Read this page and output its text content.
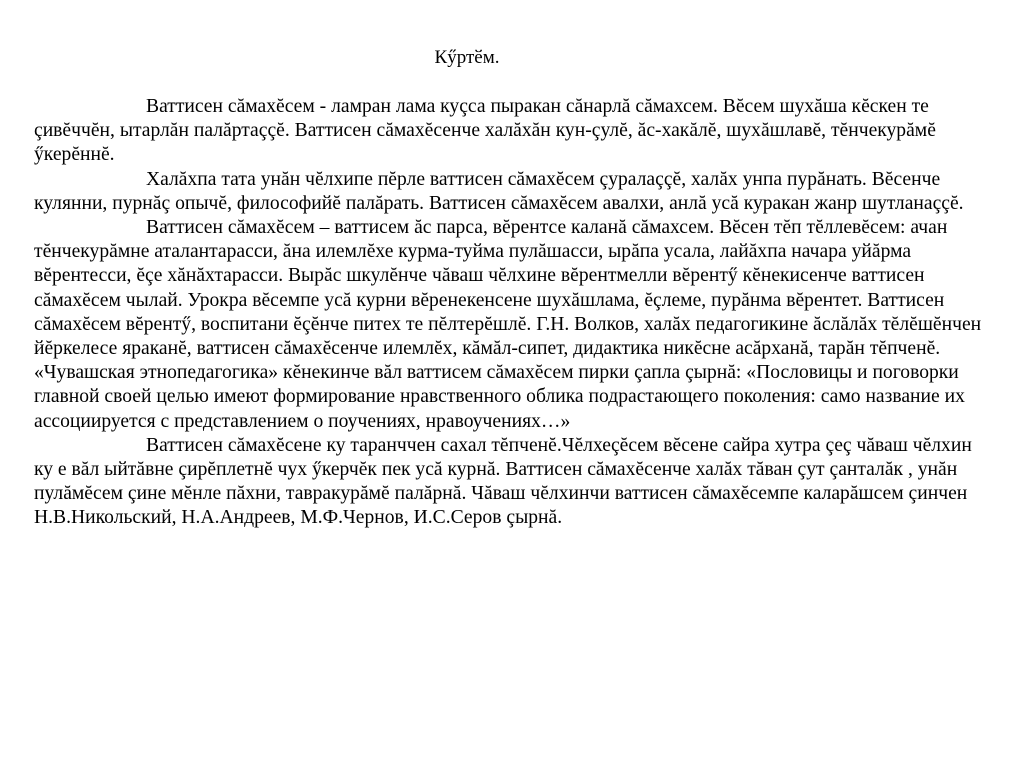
Кӳртӗм.

Ваттисен сăмахĕсем - ламран лама куçса пыракан сăнарлă сăмахсем. Вĕсем шухăша кĕскен те çивĕччĕн, ытарлăн палăртаççĕ. Ваттисен сăмахĕсенче халăхăн кун-çулĕ, ăс-хакăлĕ, шухăшлавĕ, тĕнчекурăмĕ ӳкерĕннĕ.

Халăхпа тата унăн чĕлхипе пĕрле ваттисен сăмахĕсем çуралаççĕ, халăх унпа пурăнать. Вĕсенче кулянни, пурнăç опычĕ, философийĕ палăрать. Ваттисен сăмахĕсем авалхи, анлă усă куракан жанр шутланаççĕ.

Ваттисен сăмахĕсем – ваттисем ăс парса, вĕрентсе каланă сăмахсем. Вĕсен тĕп тĕллевĕсем: ачан тĕнчекурăмне аталантарасси, ăна илемлĕхе курма-туйма пулăшасси, ырăпа усала, лайăхпа начара уйăрма вĕрентесси, ĕçе хăнăхтарасси. Вырăс шкулĕнче чăваш чĕлхине вĕрентмелли вĕрентӳ кĕнекисенче ваттисен сăмахĕсем чылай. Урокра вĕсемпе усă курни вĕренекенсене шухăшлама, ĕçлеме, пурăнма вĕрентет. Ваттисен сăмахĕсем вĕрентӳ, воспитани ĕçĕнче питех те пĕлтерĕшлĕ. Г.Н. Волков, халăх педагогикине ăслăлăх тĕлĕшĕнчен йĕркелесе яраканĕ, ваттисен сăмахĕсенче илемлĕх, кăмăл-сипет, дидактика никĕсне асăрханă, тарăн тĕпченĕ. «Чувашская этнопедагогика» кĕнекинче вăл ваттисем сăмахĕсем пирки çапла çырнă: «Пословицы и поговорки главной своей целью имеют формирование нравственного облика подрастающего поколения: само название их ассоциируется с представлением о поучениях, нравоучениях…»

Ваттисен сăмахĕсене ку таранччен сахал тĕпченĕ.Чĕлхеçĕсем вĕсене сайра хутра çеç чăваш чĕлхин ку е вăл ыйтăвне çирĕплетнĕ чух ӳкерчĕк пек усă курнă. Ваттисен сăмахĕсенче халăх тăван çут çанталăк , унăн пулăмĕсем çине мĕнле пăхни, тавракурăмĕ палăрнă. Чăваш чĕлхинчи ваттисен сăмахĕсемпе каларăшсем çинчен Н.В.Никольский, Н.А.Андреев, М.Ф.Чернов, И.С.Серов çырнă.
